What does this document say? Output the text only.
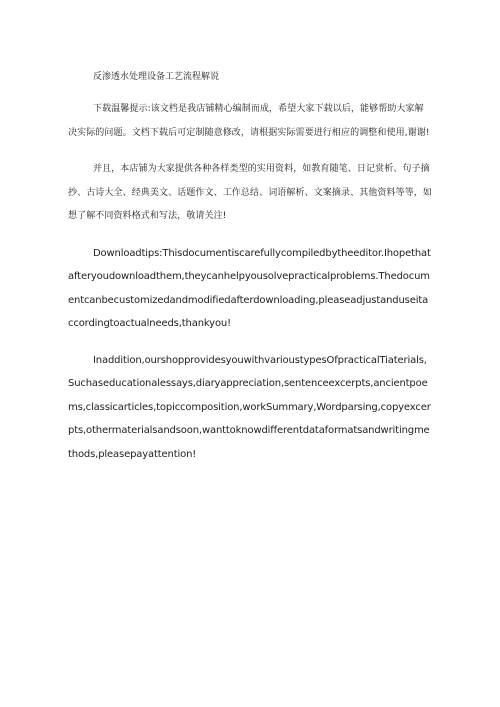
反渗透水处理设备工艺流程解说

下载温馨提示:该文档是我店铺精心编制而成，希望大家下载以后，能够帮助大家解决实际的问题。文档下载后可定制随意修改，请根据实际需要进行相应的调整和使用,谢谢!

并且，本店铺为大家提供各种各样类型的实用资料，如教育随笔、日记赏析、句子摘抄、古诗大全、经典美文、话题作文、工作总结、词语解析、文案摘录、其他资料等等，如想了解不同资料格式和写法，敬请关注!

Downloadtips:Thisdocumentiscarefullycompiledbytheeditor.Ihopethatafteryoudownloadthem,theycanhelpyousolvepracticalproblems.Thedocumentcanbecustomizedandmodifiedafterdownloading,pleaseadjustanduseitaccordingtoactualneeds,thankyou!

Inaddition,ourshopprovidesyouwithvarioustypesOfpracticalTiaterials,Suchaseducationalessays,diaryappreciation,sentenceexcerpts,ancientpoems,classicarticles,topiccomposition,workSummary,Wordparsing,copyexcerpts,othermaterialsandsoon,wanttoknowdifferentdataformatsandwritingmethods,pleasepayattention!
